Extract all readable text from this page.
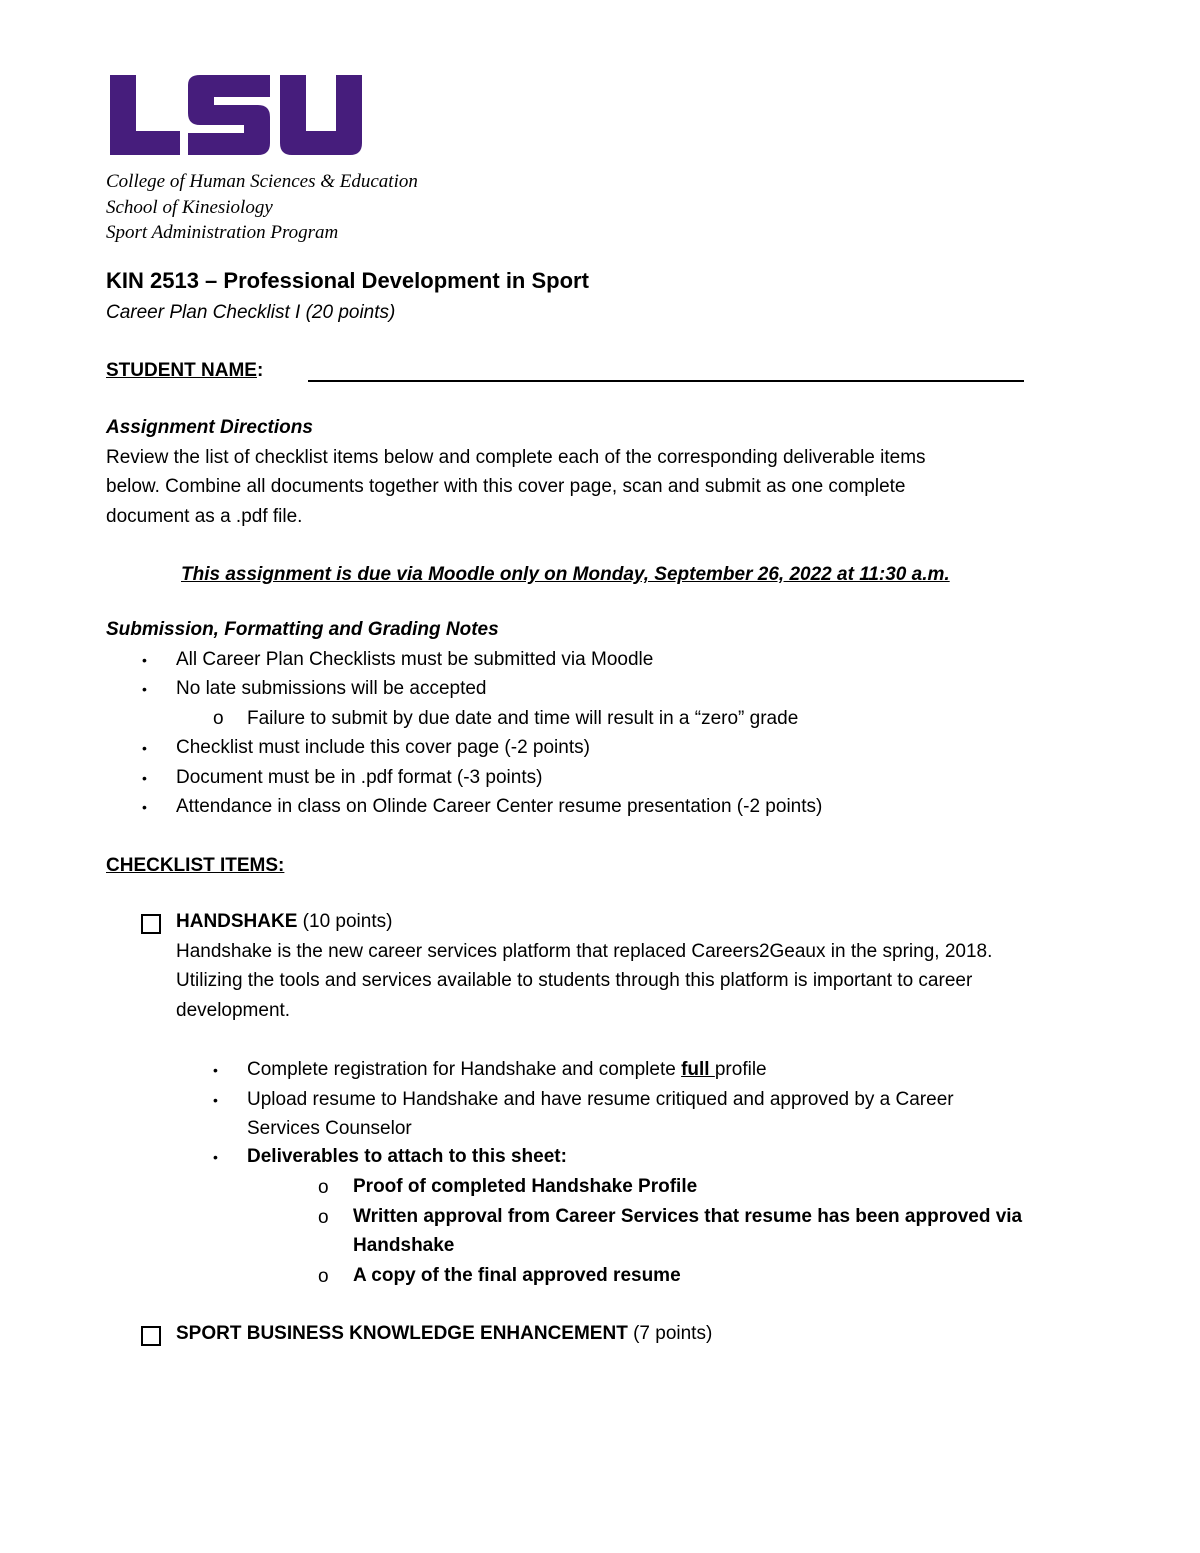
College of Human Sciences & Education
School of Kinesiology
Sport Administration Program
KIN 2513 – Professional Development in Sport
Career Plan Checklist I (20 points)
STUDENT NAME:
Assignment Directions
Review the list of checklist items below and complete each of the corresponding deliverable items
below. Combine all documents together with this cover page, scan and submit as one complete
document as a .pdf file.
This assignment is due via Moodle only on Monday, September 26, 2022 at 11:30 a.m.
Submission, Formatting and Grading Notes
• All Career Plan Checklists must be submitted via Moodle
• No late submissions will be accepted
o Failure to submit by due date and time will result in a “zero” grade
• Checklist must include this cover page (-2 points)
• Document must be in .pdf format (-3 points)
• Attendance in class on Olinde Career Center resume presentation (-2 points)
CHECKLIST ITEMS:
HANDSHAKE (10 points)
Handshake is the new career services platform that replaced Careers2Geaux in the spring, 2018.
Utilizing the tools and services available to students through this platform is important to career
development.
• Complete registration for Handshake and complete full profile
• Upload resume to Handshake and have resume critiqued and approved by a Career
Services Counselor
• Deliverables to attach to this sheet:
o Proof of completed Handshake Profile
o Written approval from Career Services that resume has been approved via
Handshake
o A copy of the final approved resume
SPORT BUSINESS KNOWLEDGE ENHANCEMENT (7 points)
